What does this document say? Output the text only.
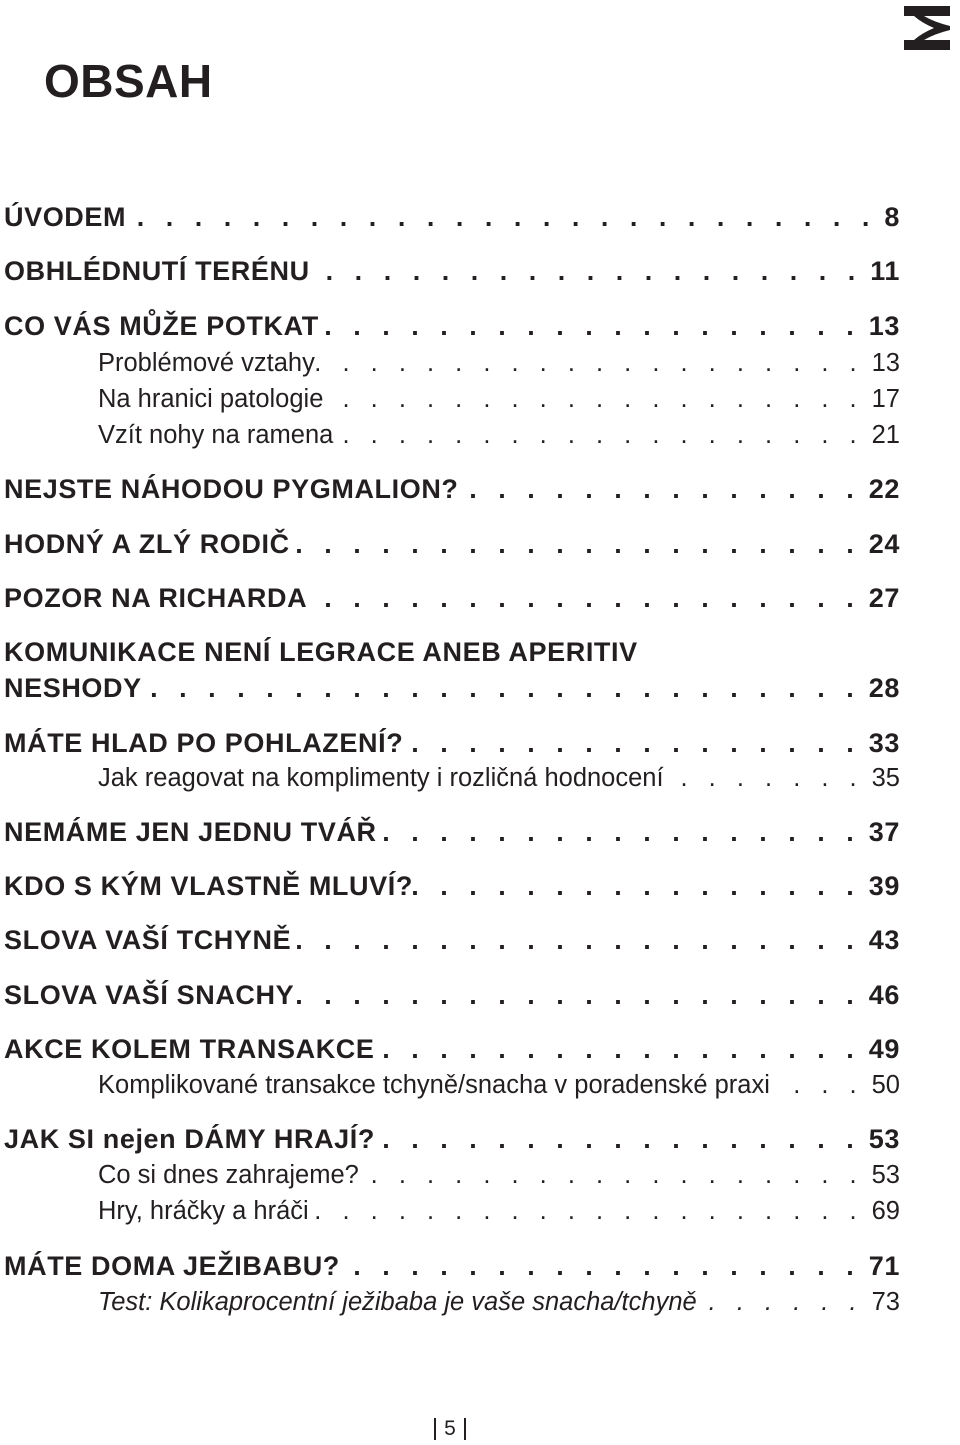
OBSAH
ÚVODEM . . .	8
OBHLÉDNUTÍ TERÉNU . . .	11
CO VÁS MŮŽE POTKAT . . .	13
Problémové vztahy . . .	13
Na hranici patologie . . .	17
Vzít nohy na ramena . . .	21
NEJSTE NÁHODOU PYGMALION? . . .	22
HODNÝ A ZLÝ RODIČ . . .	24
POZOR NA RICHARDA . . .	27
KOMUNIKACE NENÍ LEGRACE ANEB APERITIV
NESHODY . . .	28
MÁTE HLAD PO POHLAZENÍ? . . .	33
Jak reagovat na komplimenty i rozličná hodnocení . . .	35
NEMÁME JEN JEDNU TVÁŘ . . .	37
KDO S KÝM VLASTNĚ MLUVÍ? . . .	39
SLOVA VAŠÍ TCHYNĚ . . .	43
SLOVA VAŠÍ SNACHY . . .	46
AKCE KOLEM TRANSAKCE . . .	49
Komplikované transakce tchyně/snacha v poradenské praxi . . .	50
JAK SI nejen DÁMY HRAJÍ? . . .	53
Co si dnes zahrajeme? . . .	53
Hry, hráčky a hráči . . .	69
MÁTE DOMA JEŽIBABU? . . .	71
Test: Kolikaprocentní ježibaba je vaše snacha/tchyně . . .	73
5
